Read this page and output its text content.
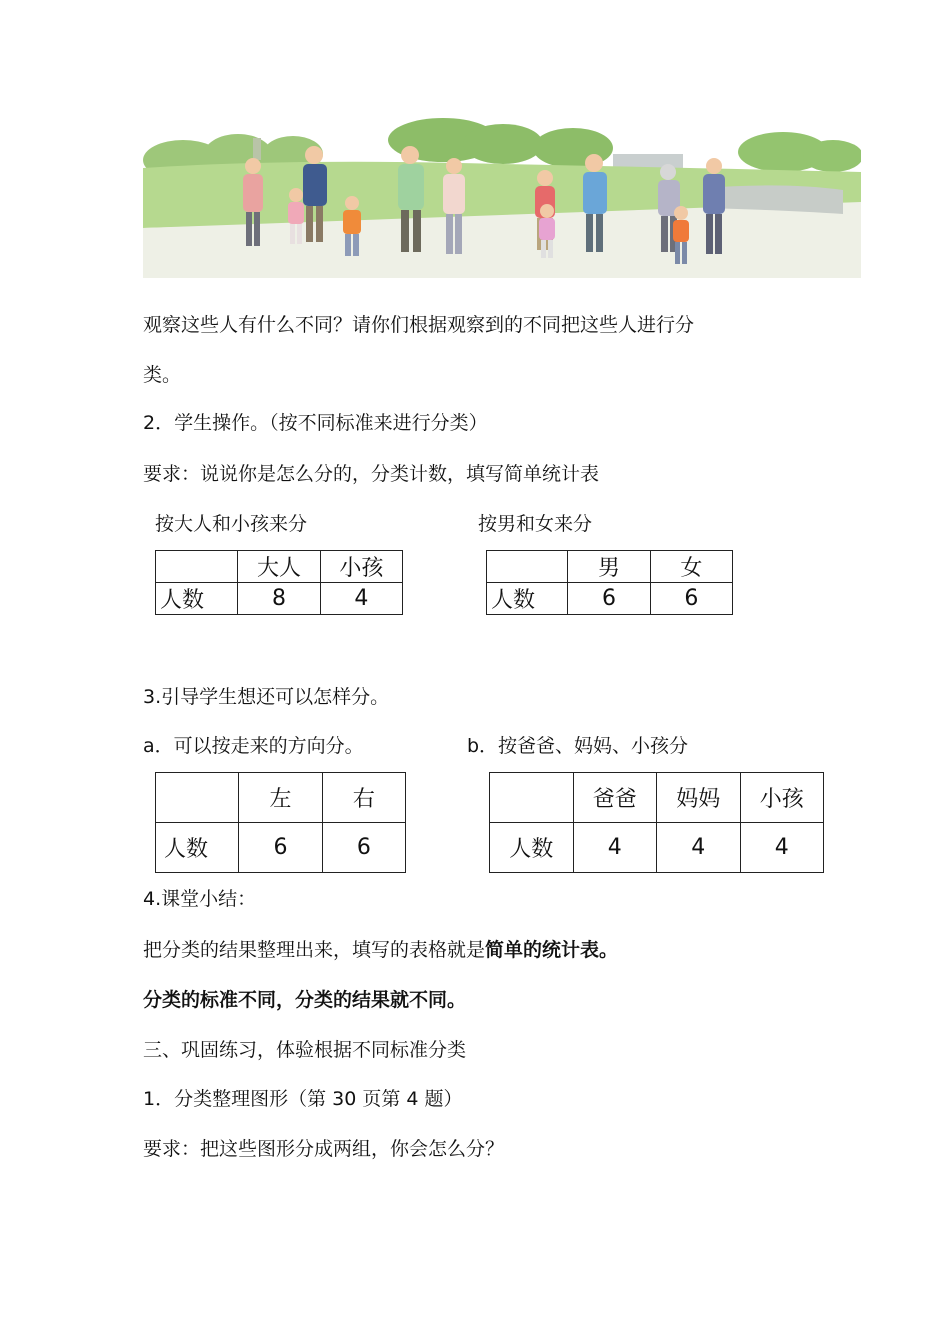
观察这些人有什么不同？请你们根据观察到的不同把这些人进行分
类。
2．学生操作。（按不同标准来进行分类）
要求：说说你是怎么分的，分类计数，填写简单统计表
按大人和小孩来分	按男和女来分
	大人	小孩
人数	8	4
	男	女
人数	6	6
3.引导学生想还可以怎样分。
a．可以按走来的方向分。	b．按爸爸、妈妈、小孩分
	左	右
人数	6	6
	爸爸	妈妈	小孩
人数	4	4	4
4.课堂小结：
把分类的结果整理出来，填写的表格就是简单的统计表。
分类的标准不同，分类的结果就不同。
三、巩固练习，体验根据不同标准分类
1．分类整理图形（第 30 页第 4 题）
要求：把这些图形分成两组，你会怎么分？
